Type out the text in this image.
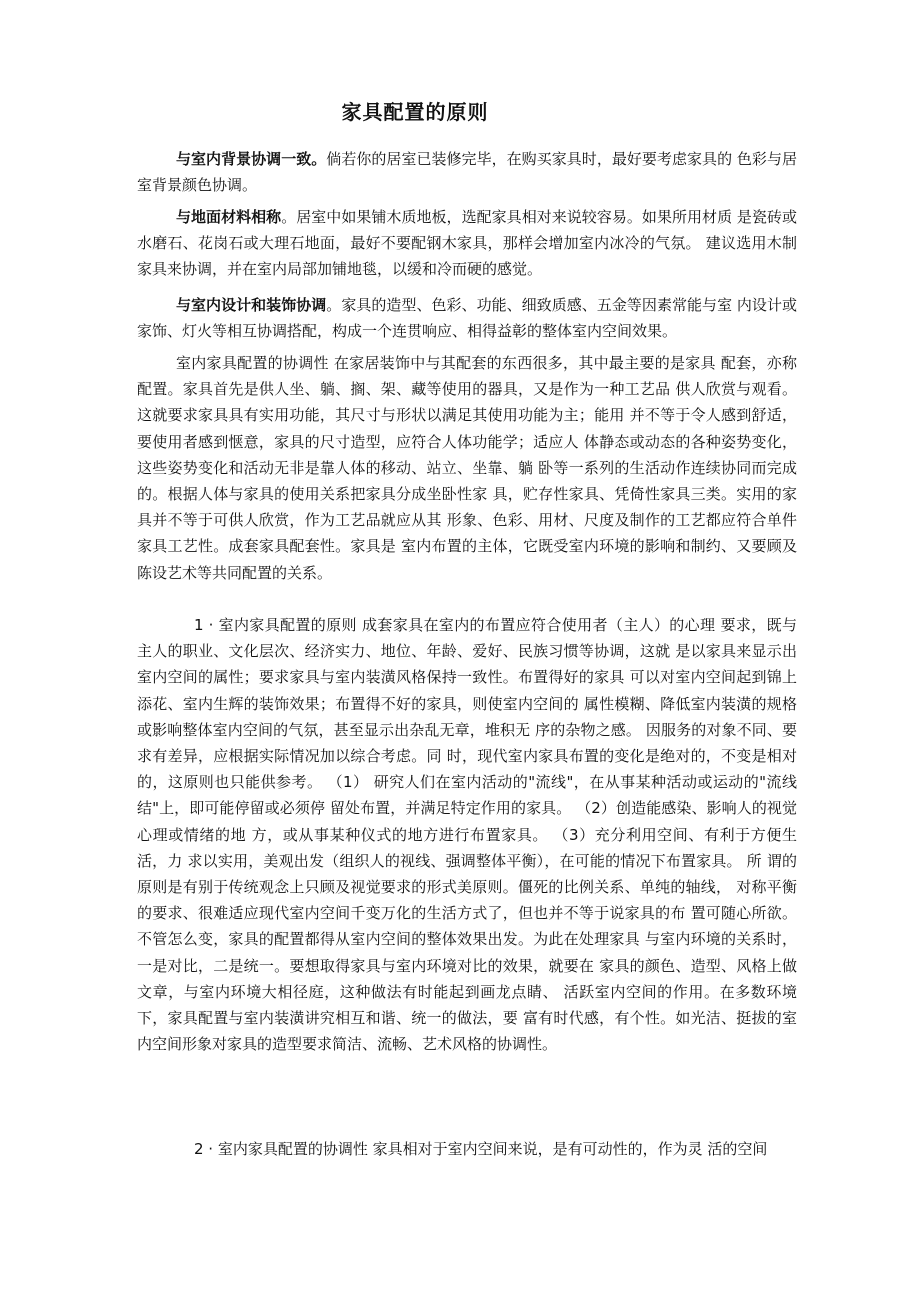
家具配置的原则

与室内背景协调一致。倘若你的居室已装修完毕，在购买家具时，最好要考虑家具的 色彩与居室背景颜色协调。

与地面材料相称。居室中如果铺木质地板，选配家具相对来说较容易。如果所用材质 是瓷砖或水磨石、花岗石或大理石地面，最好不要配钢木家具，那样会增加室内冰冷的气氛。 建议选用木制家具来协调，并在室内局部加铺地毯，以缓和冷而硬的感觉。

与室内设计和装饰协调。家具的造型、色彩、功能、细致质感、五金等因素常能与室 内设计或家饰、灯火等相互协调搭配，构成一个连贯响应、相得益彰的整体室内空间效果。

室内家具配置的协调性 在家居装饰中与其配套的东西很多，其中最主要的是家具 配套，亦称配置。家具首先是供人坐、躺、搁、架、藏等使用的器具，又是作为一种工艺品 供人欣赏与观看。这就要求家具具有实用功能，其尺寸与形状以满足其使用功能为主；能用 并不等于令人感到舒适，要使用者感到惬意，家具的尺寸造型，应符合人体功能学；适应人 体静态或动态的各种姿势变化，这些姿势变化和活动无非是靠人体的移动、站立、坐靠、躺 卧等一系列的生活动作连续协同而完成的。根据人体与家具的使用关系把家具分成坐卧性家 具，贮存性家具、凭倚性家具三类。实用的家具并不等于可供人欣赏，作为工艺品就应从其 形象、色彩、用材、尺度及制作的工艺都应符合单件家具工艺性。成套家具配套性。家具是 室内布置的主体，它既受室内环境的影响和制约、又要顾及陈设艺术等共同配置的关系。

1 · 室内家具配置的原则 成套家具在室内的布置应符合使用者（主人）的心理 要求，既与主人的职业、文化层次、经济实力、地位、年龄、爱好、民族习惯等协调，这就 是以家具来显示出室内空间的属性；要求家具与室内装潢风格保持一致性。布置得好的家具 可以对室内空间起到锦上添花、室内生辉的装饰效果；布置得不好的家具，则使室内空间的 属性模糊、降低室内装潢的规格或影响整体室内空间的气氛，甚至显示出杂乱无章，堆积无 序的杂物之感。 因服务的对象不同、要求有差异，应根据实际情况加以综合考虑。同 时，现代室内家具布置的变化是绝对的，不变是相对的，这原则也只能供参考。 （1） 研究人们在室内活动的"流线"，在从事某种活动或运动的"流线结"上，即可能停留或必须停 留处布置，并满足特定作用的家具。 （2）创造能感染、影响人的视觉心理或情绪的地 方，或从事某种仪式的地方进行布置家具。 （3）充分利用空间、有利于方便生活，力 求以实用，美观出发（组织人的视线、强调整体平衡），在可能的情况下布置家具。 所 谓的原则是有别于传统观念上只顾及视觉要求的形式美原则。僵死的比例关系、单纯的轴线， 对称平衡的要求、很难适应现代室内空间千变万化的生活方式了，但也并不等于说家具的布 置可随心所欲。不管怎么变，家具的配置都得从室内空间的整体效果出发。为此在处理家具 与室内环境的关系时，一是对比，二是统一。要想取得家具与室内环境对比的效果，就要在 家具的颜色、造型、风格上做文章，与室内环境大相径庭，这种做法有时能起到画龙点睛、 活跃室内空间的作用。在多数环境下，家具配置与室内装潢讲究相互和谐、统一的做法，要 富有时代感，有个性。如光洁、挺拔的室内空间形象对家具的造型要求简洁、流畅、艺术风格的协调性。

2 · 室内家具配置的协调性 家具相对于室内空间来说，是有可动性的，作为灵 活的空间
